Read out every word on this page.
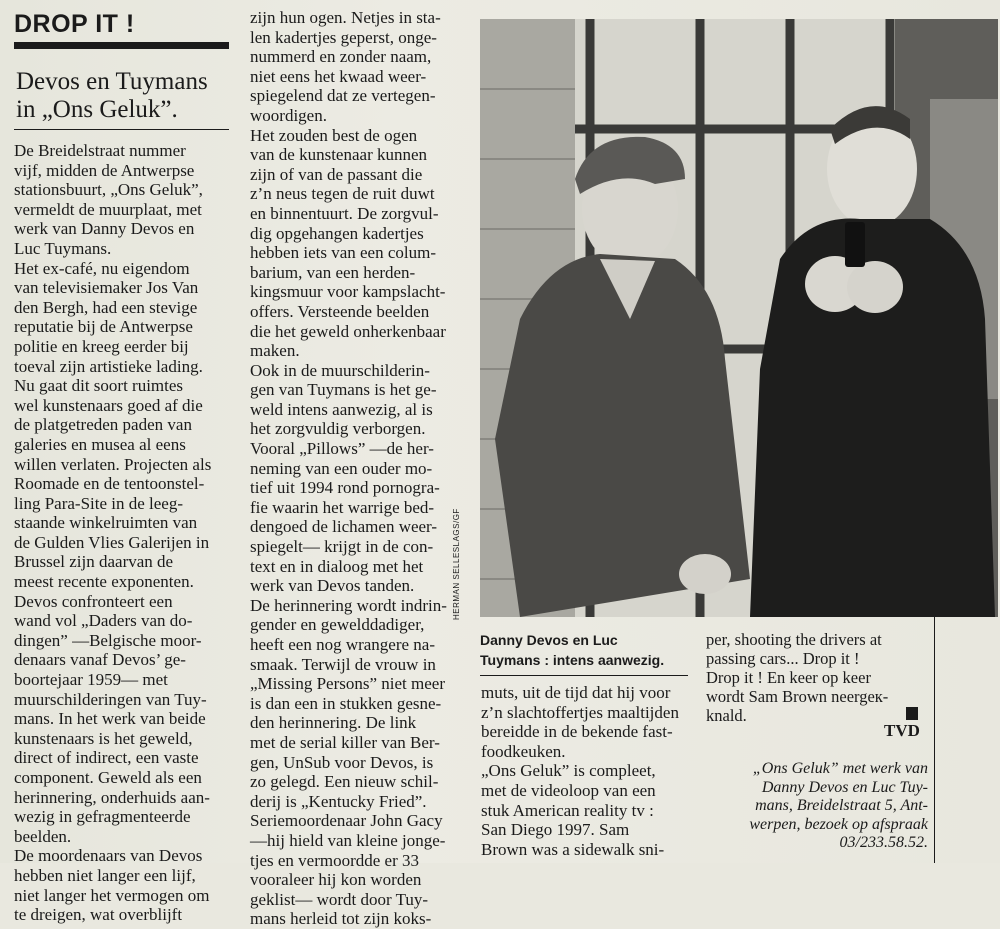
DROP IT !
Devos en Tuymans
in „Ons Geluk”.
De Breidelstraat nummer
vijf, midden de Antwerpse
stationsbuurt, „Ons Geluk”,
vermeldt de muurplaat, met
werk van Danny Devos en
Luc Tuymans.
Het ex-café, nu eigendom
van televisiemaker Jos Van
den Bergh, had een stevige
reputatie bij de Antwerpse
politie en kreeg eerder bij
toeval zijn artistieke lading.
Nu gaat dit soort ruimtes
wel kunstenaars goed af die
de platgetreden paden van
galeries en musea al eens
willen verlaten. Projecten als
Roomade en de tentoonstel-
ling Para-Site in de leeg-
staande winkelruimten van
de Gulden Vlies Galerijen in
Brussel zijn daarvan de
meest recente exponenten.
Devos confronteert een
wand vol „Daders van do-
dingen” —Belgische moor-
denaars vanaf Devos’ ge-
boortejaar 1959— met
muurschilderingen van Tuy-
mans. In het werk van beide
kunstenaars is het geweld,
direct of indirect, een vaste
component. Geweld als een
herinnering, onderhuids aan-
wezig in gefragmenteerde
beelden.
De moordenaars van Devos
hebben niet langer een lijf,
niet langer het vermogen om
te dreigen, wat overblijft
zijn hun ogen. Netjes in sta-
len kadertjes geperst, onge-
nummerd en zonder naam,
niet eens het kwaad weer-
spiegelend dat ze vertegen-
woordigen.
Het zouden best de ogen
van de kunstenaar kunnen
zijn of van de passant die
z’n neus tegen de ruit duwt
en binnentuurt. De zorgvul-
dig opgehangen kadertjes
hebben iets van een colum-
barium, van een herden-
kingsmuur voor kampslacht-
offers. Versteende beelden
die het geweld onherkenbaar
maken.
Ook in de muurschilderin-
gen van Tuymans is het ge-
weld intens aanwezig, al is
het zorgvuldig verborgen.
Vooral „Pillows” —de her-
neming van een ouder mo-
tief uit 1994 rond pornogra-
fie waarin het warrige bed-
dengoed de lichamen weer-
spiegelt— krijgt in de con-
text en in dialoog met het
werk van Devos tanden.
De herinnering wordt indrin-
gender en gewelddadiger,
heeft een nog wrangere na-
smaak. Terwijl de vrouw in
„Missing Persons” niet meer
is dan een in stukken gesne-
den herinnering. De link
met de serial killer van Ber-
gen, UnSub voor Devos, is
zo gelegd. Een nieuw schil-
derij is „Kentucky Fried”.
Seriemoordenaar John Gacy
—hij hield van kleine jonge-
tjes en vermoordde er 33
vooraleer hij kon worden
geklist— wordt door Tuy-
mans herleid tot zijn koks-
HERMAN SELLESLAGS/GF
Danny Devos en Luc
Tuymans : intens aanwezig.
muts, uit de tijd dat hij voor
z’n slachtoffertjes maaltijden
bereidde in de bekende fast-
foodkeuken.
„Ons Geluk” is compleet,
met de videoloop van een
stuk American reality tv :
San Diego 1997. Sam
Brown was a sidewalk sni-
per, shooting the drivers at
passing cars... Drop it !
Drop it ! En keer op keer
wordt Sam Brown neergeк-
knald.
TVD
„Ons Geluk” met werk van
Danny Devos en Luc Tuy-
mans, Breidelstraat 5, Ant-
werpen, bezoek op afspraak
03/233.58.52.
